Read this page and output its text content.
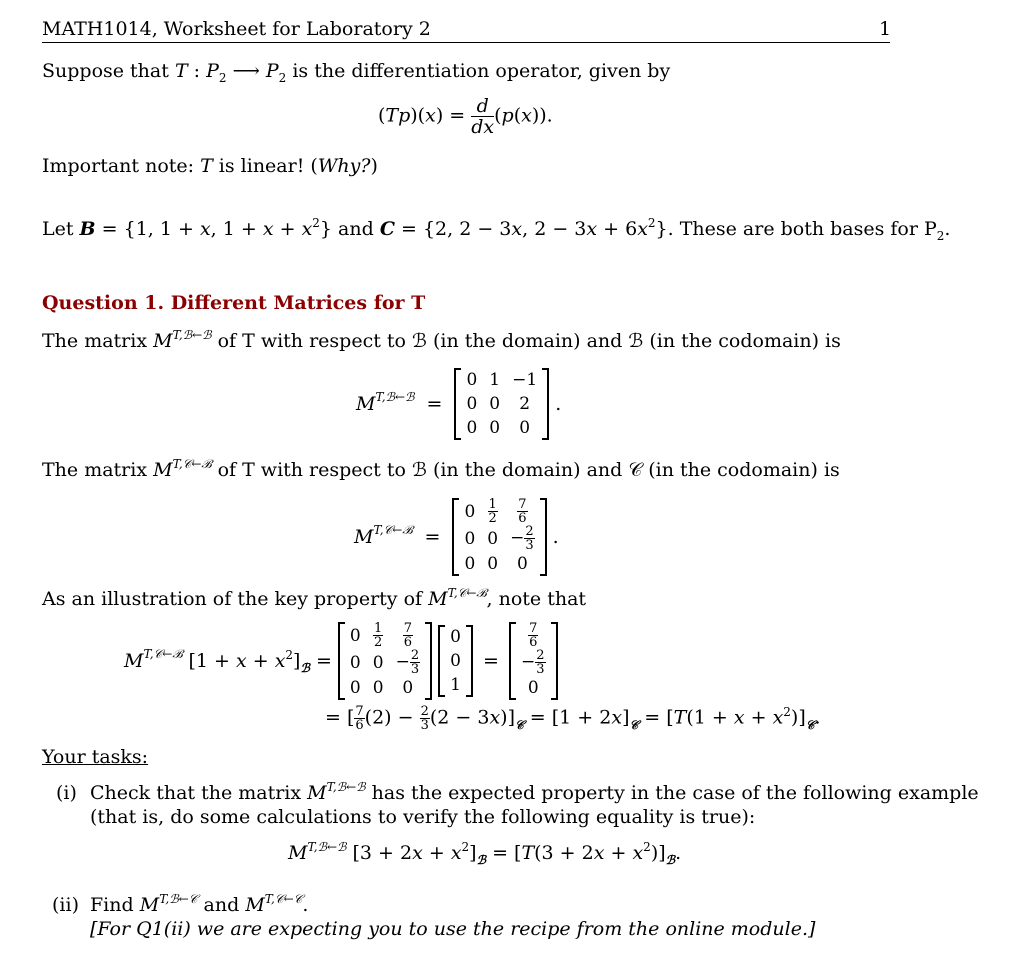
MATH1014, Worksheet for Laboratory 2	1
Suppose that T : $P_2$ ⟶ $P_2$ is the differentiation operator, given by
$(Tp)(x) = \frac{d}{dx} (p(x))$.
Important note: T is linear! (Why?)
Let B = {1, 1 + x, $1 + x + x^2$} and C = {2, 2 − 3x, $2 - 3x + 6x^2$}. These are both bases for $P_2$.
Question 1. Different Matrices for T
The matrix $M^{T,ℬ\leftarrow ℬ}$ of T with respect to ℬ (in the domain) and ℬ (in the codomain) is
$M^{T,ℬ\leftarrow ℬ}$ =
0	1	−1
0	0	2
0	0	0
.
The matrix $M^{T,𝒞\leftarrow ℬ}$ of T with respect to ℬ (in the domain) and 𝒞 (in the codomain) is
$M^{T,𝒞\leftarrow ℬ}$ =
0	$\frac{1}{2}$	$\frac{7}{6}$

0	0	− $\frac{2}{3}$

0	0	0
.
As an illustration of the key property of $M^{T,𝒞\leftarrow ℬ}$, note that
$M^{T,𝒞\leftarrow ℬ}$ $[1 + x + x^2]_ℬ$ =
0	$\frac{1}{2}$	$\frac{7}{6}$

0	0	− $\frac{2}{3}$

0	0	0

0
0
1
=
$\frac{7}{6}$

− $\frac{2}{3}$

0
= [ $\frac{7}{6} (2) - \frac{2}{3} (2 - 3x)]_𝒞 = [1 + 2x]_𝒞 = [T(1 + x + x^2)]_𝒞$.
Your tasks:
(i) Check that the matrix $M^{T,ℬ\leftarrow ℬ}$ has the expected property in the case of the following example
(that is, do some calculations to verify the following equality is true):
$M^{T,ℬ\leftarrow ℬ}$ $[3 + 2x + x^2]_ℬ = [T(3 + 2x + x^2)]_ℬ$.
(ii) Find $M^{T,ℬ\leftarrow 𝒞}$ and $M^{T,𝒞\leftarrow 𝒞}$.
[For Q1(ii) we are expecting you to use the recipe from the online module.]
